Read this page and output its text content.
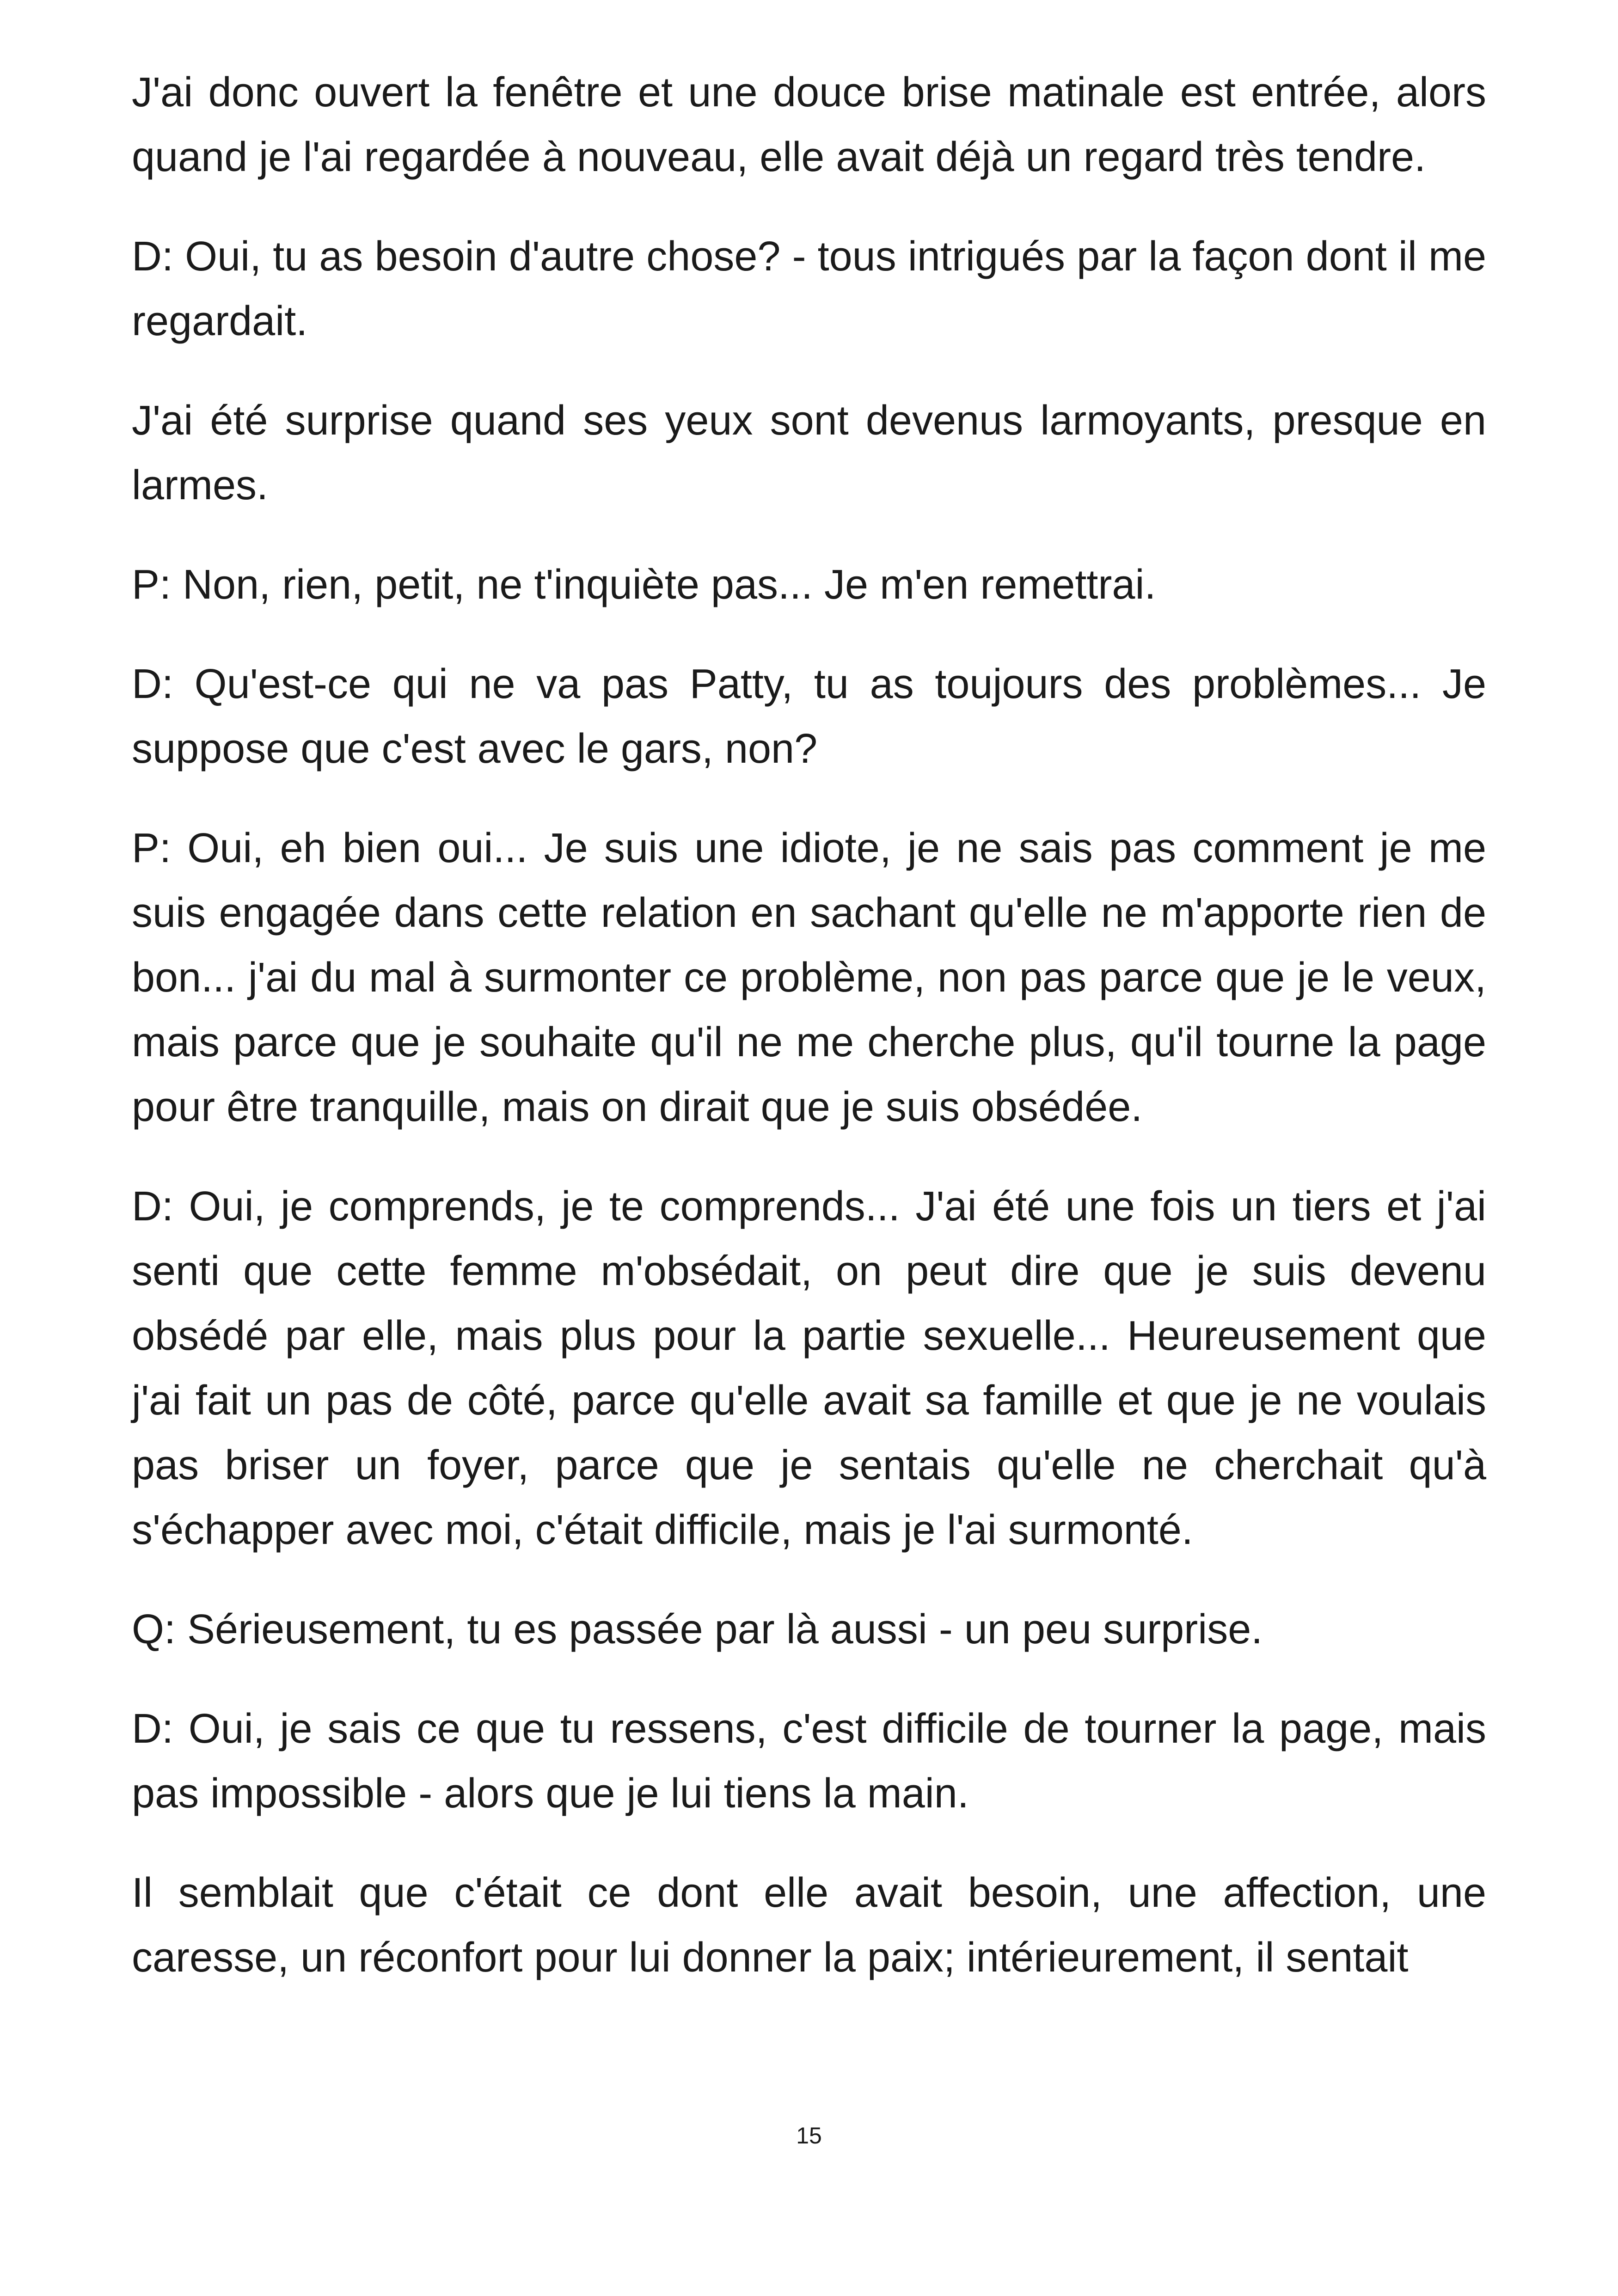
J'ai donc ouvert la fenêtre et une douce brise matinale est entrée, alors quand je l'ai regardée à nouveau, elle avait déjà un regard très tendre.

D: Oui, tu as besoin d'autre chose? - tous intrigués par la façon dont il me regardait.

J'ai été surprise quand ses yeux sont devenus larmoyants, presque en larmes.

P: Non, rien, petit, ne t'inquiète pas... Je m'en remettrai.

D: Qu'est-ce qui ne va pas Patty, tu as toujours des problèmes... Je suppose que c'est avec le gars, non?

P: Oui, eh bien oui... Je suis une idiote, je ne sais pas comment je me suis engagée dans cette relation en sachant qu'elle ne m'apporte rien de bon... j'ai du mal à surmonter ce problème, non pas parce que je le veux, mais parce que je souhaite qu'il ne me cherche plus, qu'il tourne la page pour être tranquille, mais on dirait que je suis obsédée.

D: Oui, je comprends, je te comprends... J'ai été une fois un tiers et j'ai senti que cette femme m'obsédait, on peut dire que je suis devenu obsédé par elle, mais plus pour la partie sexuelle... Heureusement que j'ai fait un pas de côté, parce qu'elle avait sa famille et que je ne voulais pas briser un foyer, parce que je sentais qu'elle ne cherchait qu'à s'échapper avec moi, c'était difficile, mais je l'ai surmonté.

Q: Sérieusement, tu es passée par là aussi - un peu surprise.

D: Oui, je sais ce que tu ressens, c'est difficile de tourner la page, mais pas impossible - alors que je lui tiens la main.

Il semblait que c'était ce dont elle avait besoin, une affection, une caresse, un réconfort pour lui donner la paix; intérieurement, il sentait

15
